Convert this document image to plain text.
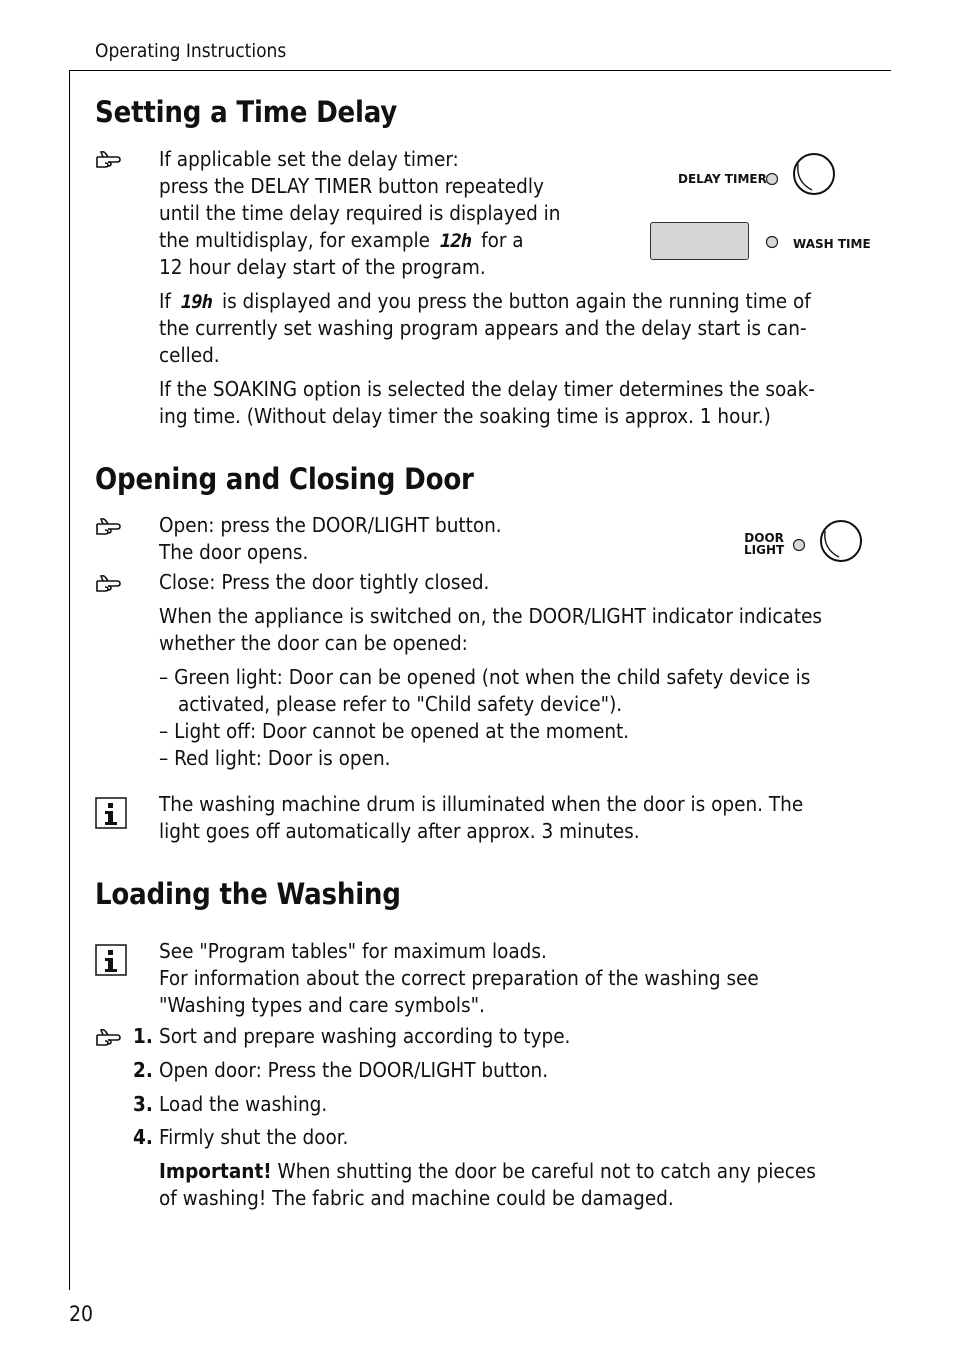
Operating Instructions
Setting a Time Delay
If applicable set the delay timer:
press the DELAY TIMER button repeatedly
until the time delay required is displayed in
the multidisplay, for example 12h for a
12 hour delay start of the program.
If 19h is displayed and you press the button again the running time of
the currently set washing program appears and the delay start is can-
celled.
If the SOAKING option is selected the delay timer determines the soak-
ing time. (Without delay timer the soaking time is approx. 1 hour.)
DELAY TIMER
WASH TIME
Opening and Closing Door
Open: press the DOOR/LIGHT button.
The door opens.
Close: Press the door tightly closed.
When the appliance is switched on, the DOOR/LIGHT indicator indicates
whether the door can be opened:
– Green light: Door can be opened (not when the child safety device is
activated, please refer to "Child safety device").
– Light off: Door cannot be opened at the moment.
– Red light: Door is open.
DOOR
LIGHT
The washing machine drum is illuminated when the door is open. The
light goes off automatically after approx. 3 minutes.
Loading the Washing
See "Program tables" for maximum loads.
For information about the correct preparation of the washing see
"Washing types and care symbols".
1. Sort and prepare washing according to type.
2. Open door: Press the DOOR/LIGHT button.
3. Load the washing.
4. Firmly shut the door.
Important! When shutting the door be careful not to catch any pieces
of washing! The fabric and machine could be damaged.
20
